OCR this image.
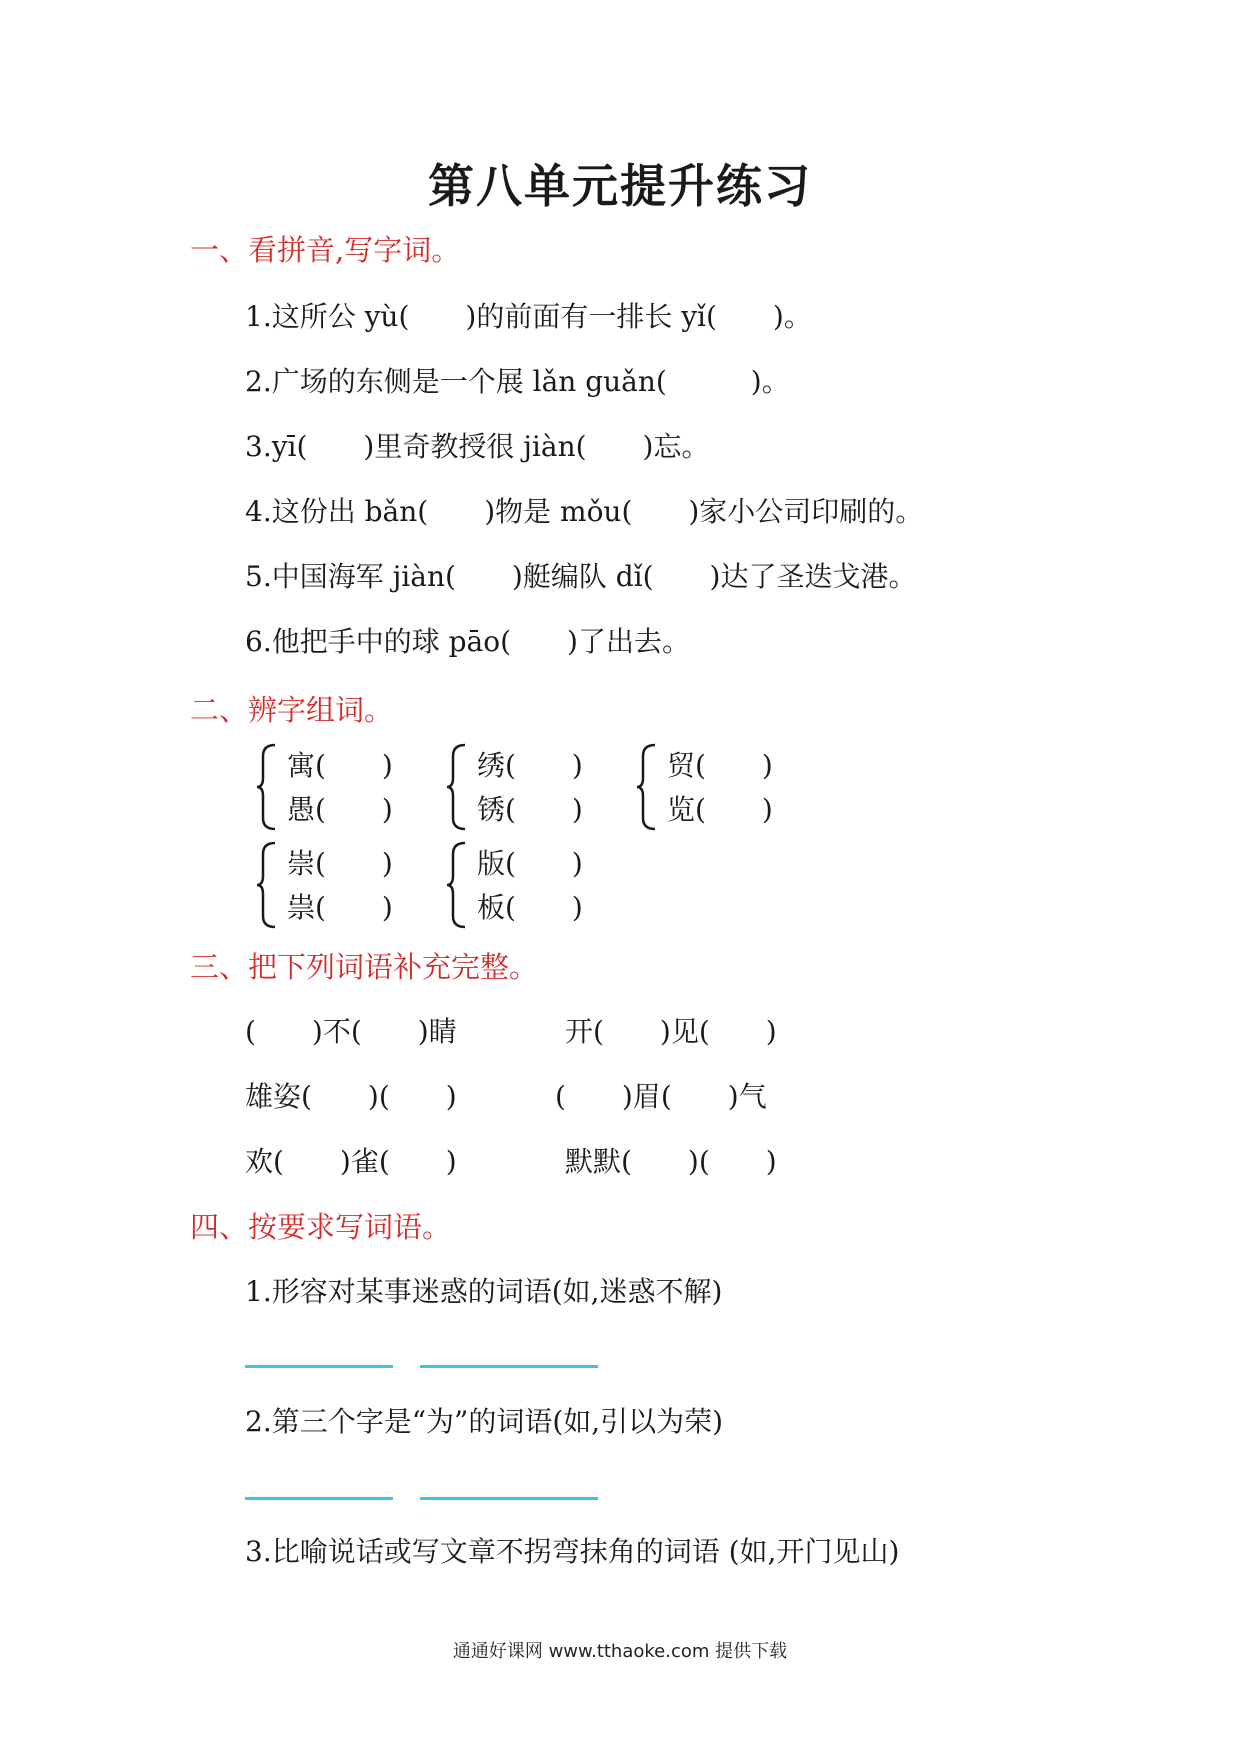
第八单元提升练习
一、看拼音,写字词。
1.这所公 yù(　　)的前面有一排长 yǐ(　　)。
2.广场的东侧是一个展 lǎn guǎn(　　　)。
3.yī(　　)里奇教授很 jiàn(　　)忘。
4.这份出 bǎn(　　)物是 mǒu(　　)家小公司印刷的。
5.中国海军 jiàn(　　)艇编队 dǐ(　　)达了圣迭戈港。
6.他把手中的球 pāo(　　)了出去。
二、辨字组词。
寓(　　)
愚(　　)
绣(　　)
锈(　　)
贸(　　)
览(　　)
崇(　　)
祟(　　)
版(　　)
板(　　)
三、把下列词语补充完整。
(　　)不(　　)睛	开(　　)见(　　)
雄姿(　　)(　　)	(　　)眉(　　)气
欢(　　)雀(　　)	默默(　　)(　　)
四、按要求写词语。
1.形容对某事迷惑的词语(如,迷惑不解)
2.第三个字是“为”的词语(如,引以为荣)
3.比喻说话或写文章不拐弯抹角的词语 (如,开门见山)
通通好课网 www.tthaoke.com 提供下载
